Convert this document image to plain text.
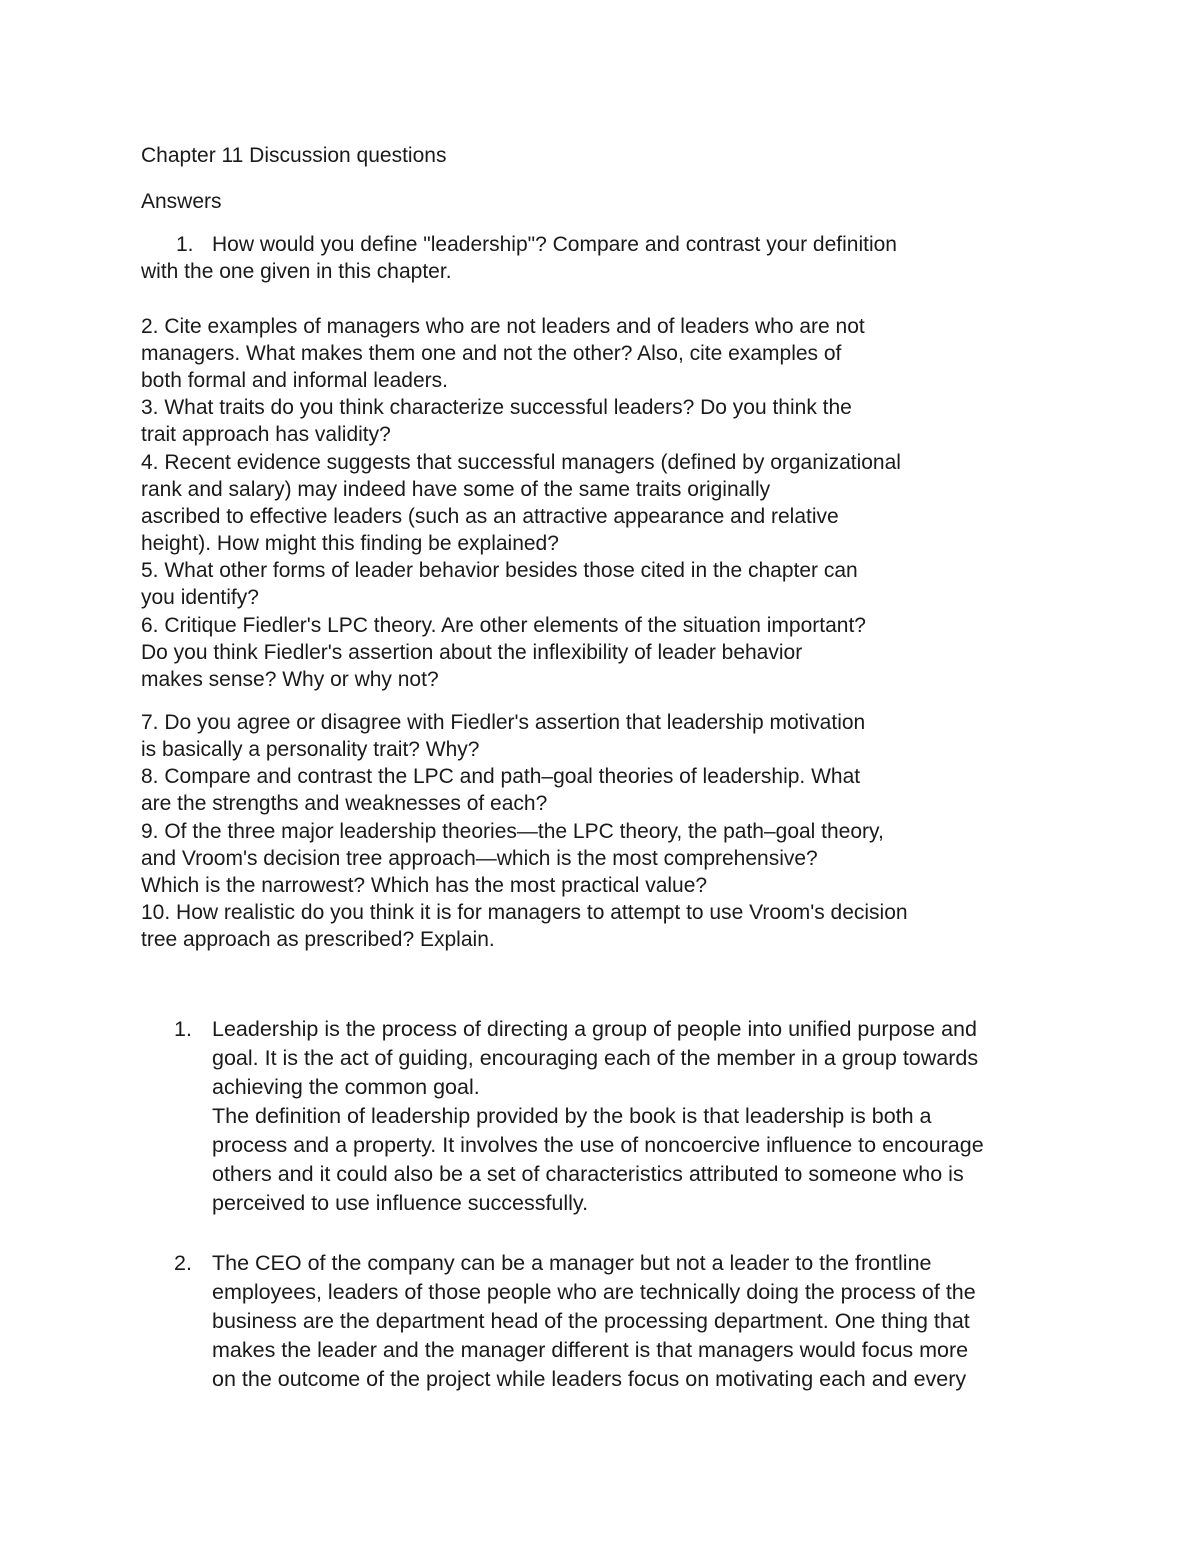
Chapter 11 Discussion questions
Answers
1. How would you define "leadership"? Compare and contrast your definition
with the one given in this chapter.
2. Cite examples of managers who are not leaders and of leaders who are not
managers. What makes them one and not the other? Also, cite examples of
both formal and informal leaders.
3. What traits do you think characterize successful leaders? Do you think the
trait approach has validity?
4. Recent evidence suggests that successful managers (defined by organizational
rank and salary) may indeed have some of the same traits originally
ascribed to effective leaders (such as an attractive appearance and relative
height). How might this finding be explained?
5. What other forms of leader behavior besides those cited in the chapter can
you identify?
6. Critique Fiedler's LPC theory. Are other elements of the situation important?
Do you think Fiedler's assertion about the inflexibility of leader behavior
makes sense? Why or why not?
7. Do you agree or disagree with Fiedler's assertion that leadership motivation
is basically a personality trait? Why?
8. Compare and contrast the LPC and path–goal theories of leadership. What
are the strengths and weaknesses of each?
9. Of the three major leadership theories—the LPC theory, the path–goal theory,
and Vroom's decision tree approach—which is the most comprehensive?
Which is the narrowest? Which has the most practical value?
10. How realistic do you think it is for managers to attempt to use Vroom's decision
tree approach as prescribed? Explain.
1. Leadership is the process of directing a group of people into unified purpose and
goal. It is the act of guiding, encouraging each of the member in a group towards
achieving the common goal.
The definition of leadership provided by the book is that leadership is both a
process and a property. It involves the use of noncoercive influence to encourage
others and it could also be a set of characteristics attributed to someone who is
perceived to use influence successfully.
2. The CEO of the company can be a manager but not a leader to the frontline
employees, leaders of those people who are technically doing the process of the
business are the department head of the processing department. One thing that
makes the leader and the manager different is that managers would focus more
on the outcome of the project while leaders focus on motivating each and every
